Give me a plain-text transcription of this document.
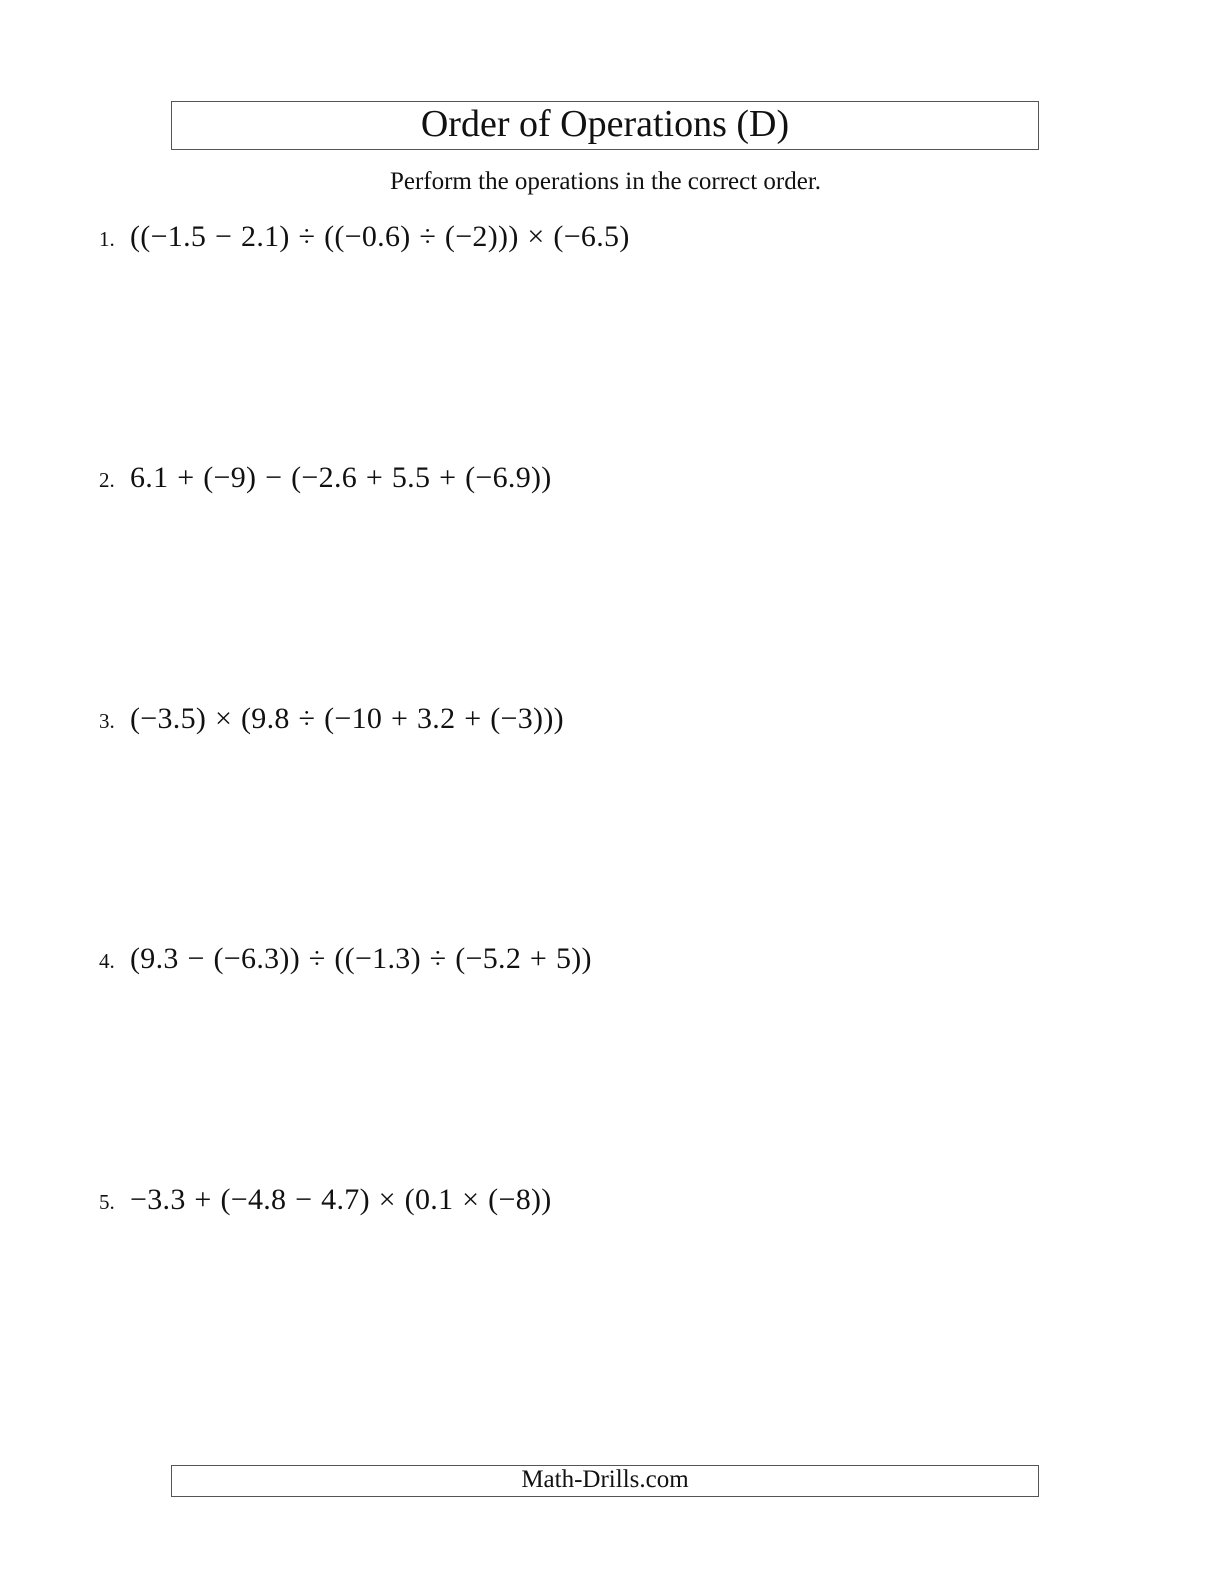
Order of Operations (D)
Perform the operations in the correct order.
1. ((−1.5 − 2.1) ÷ ((−0.6) ÷ (−2))) × (−6.5)
2. 6.1 + (−9) − (−2.6 + 5.5 + (−6.9))
3. (−3.5) × (9.8 ÷ (−10 + 3.2 + (−3)))
4. (9.3 − (−6.3)) ÷ ((−1.3) ÷ (−5.2 + 5))
5. −3.3 + (−4.8 − 4.7) × (0.1 × (−8))
Math-Drills.com
